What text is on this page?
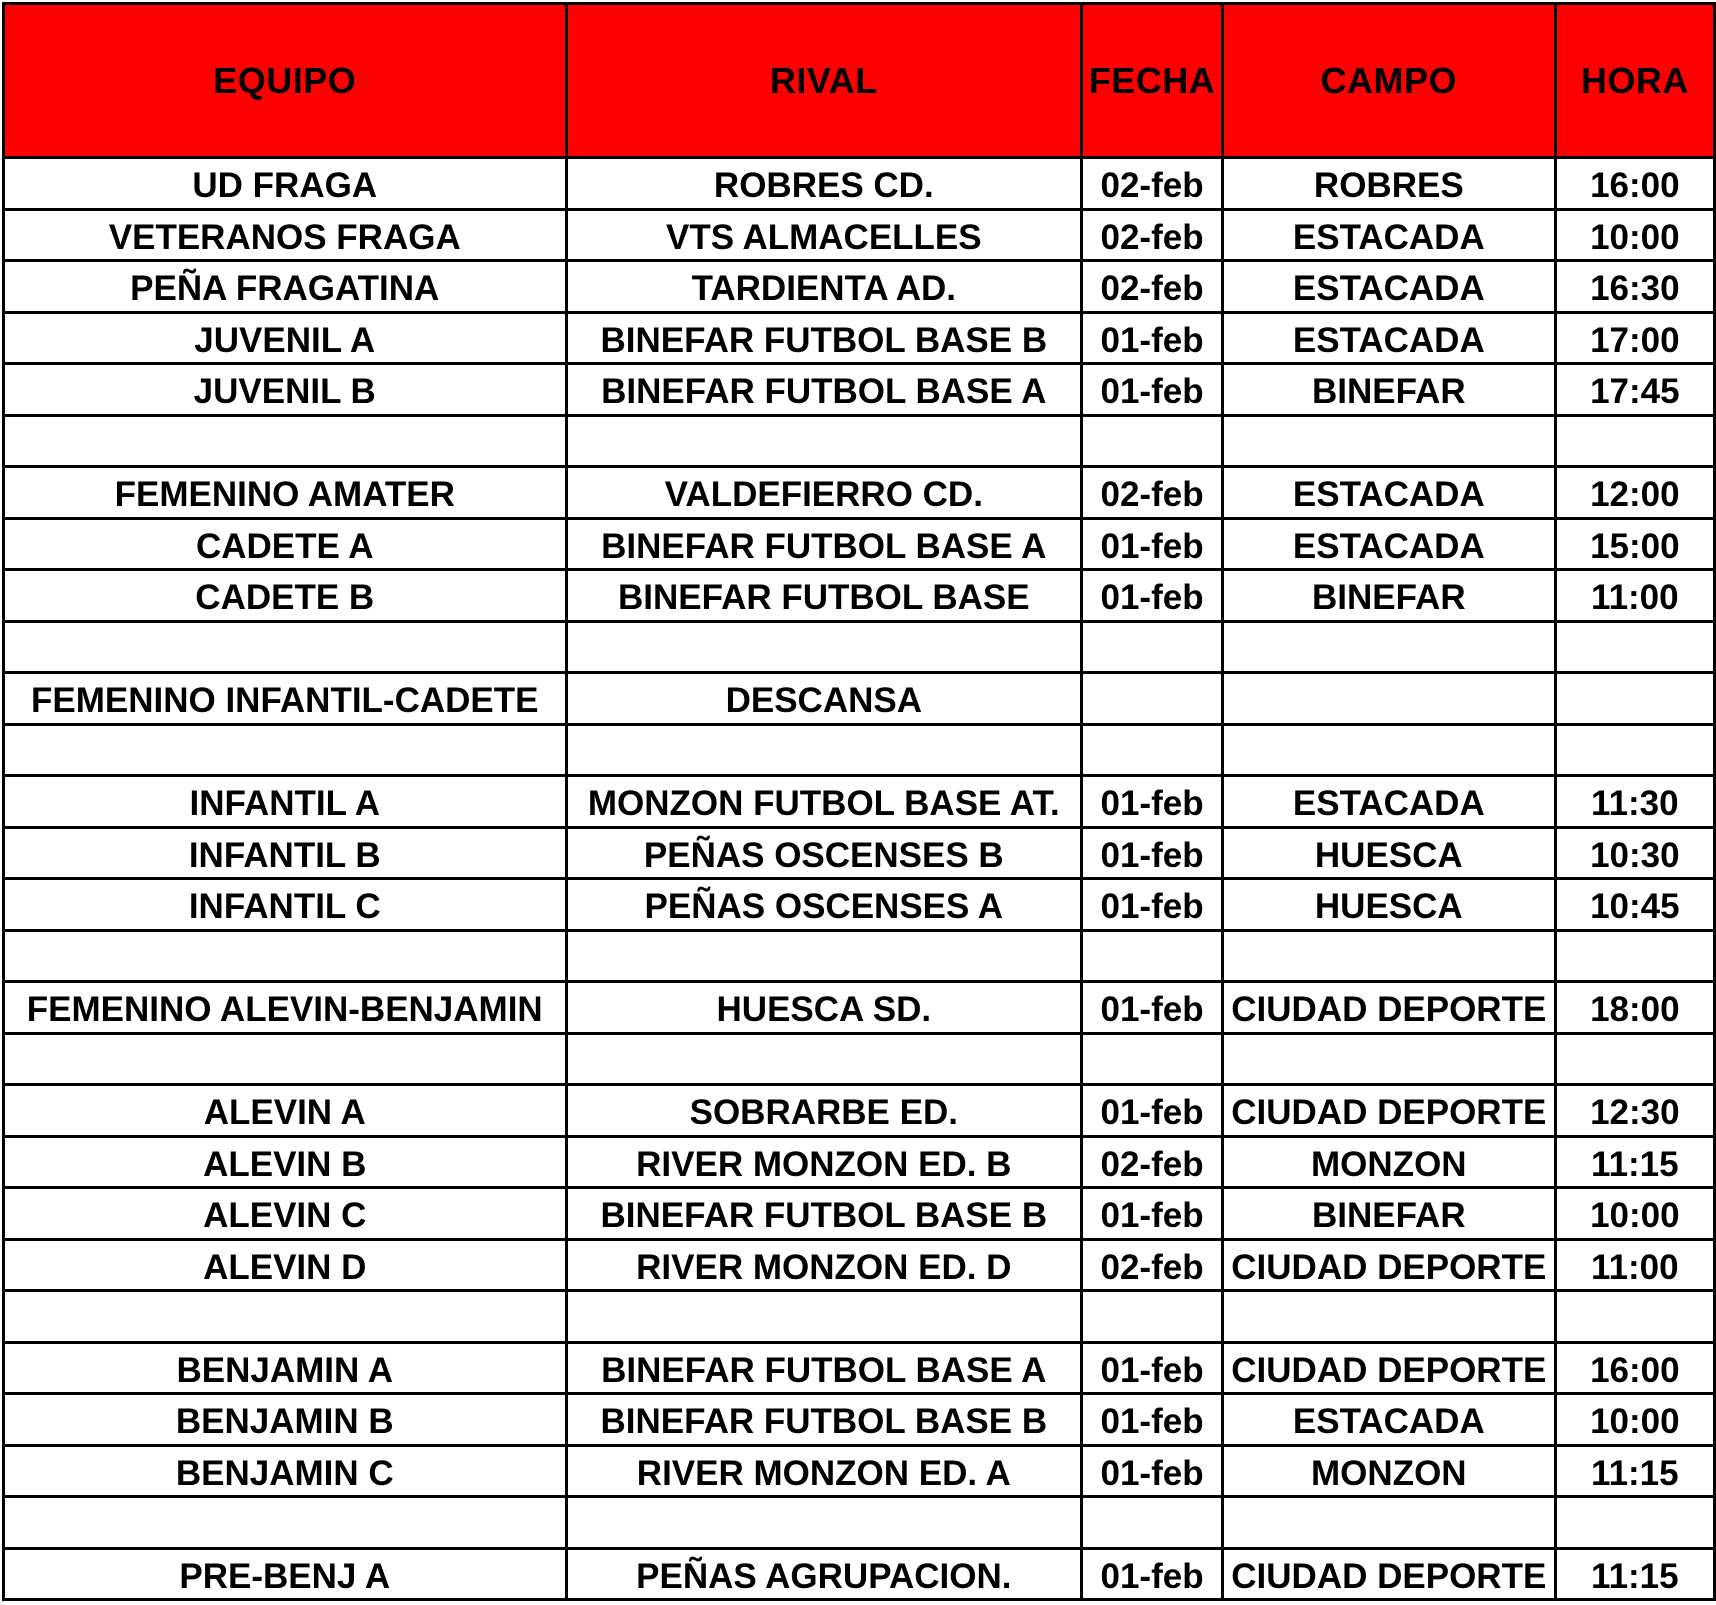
EQUIPO	RIVAL	FECHA	CAMPO	HORA
UD FRAGA	ROBRES CD.	02-feb	ROBRES	16:00
VETERANOS FRAGA	VTS ALMACELLES	02-feb	ESTACADA	10:00
PEÑA FRAGATINA	TARDIENTA AD.	02-feb	ESTACADA	16:30
JUVENIL A	BINEFAR FUTBOL BASE B	01-feb	ESTACADA	17:00
JUVENIL B	BINEFAR FUTBOL BASE A	01-feb	BINEFAR	17:45

FEMENINO AMATER	VALDEFIERRO CD.	02-feb	ESTACADA	12:00
CADETE A	BINEFAR FUTBOL BASE A	01-feb	ESTACADA	15:00
CADETE B	BINEFAR FUTBOL BASE	01-feb	BINEFAR	11:00

FEMENINO INFANTIL-CADETE	DESCANSA			

INFANTIL A	MONZON FUTBOL BASE AT.	01-feb	ESTACADA	11:30
INFANTIL B	PEÑAS OSCENSES B	01-feb	HUESCA	10:30
INFANTIL C	PEÑAS OSCENSES A	01-feb	HUESCA	10:45

FEMENINO ALEVIN-BENJAMIN	HUESCA SD.	01-feb	CIUDAD DEPORTE	18:00

ALEVIN A	SOBRARBE ED.	01-feb	CIUDAD DEPORTE	12:30
ALEVIN B	RIVER MONZON ED. B	02-feb	MONZON	11:15
ALEVIN C	BINEFAR FUTBOL BASE B	01-feb	BINEFAR	10:00
ALEVIN D	RIVER MONZON ED. D	02-feb	CIUDAD DEPORTE	11:00

BENJAMIN A	BINEFAR FUTBOL BASE A	01-feb	CIUDAD DEPORTE	16:00
BENJAMIN B	BINEFAR FUTBOL BASE B	01-feb	ESTACADA	10:00
BENJAMIN C	RIVER MONZON ED. A	01-feb	MONZON	11:15

PRE-BENJ A	PEÑAS AGRUPACION.	01-feb	CIUDAD DEPORTE	11:15
